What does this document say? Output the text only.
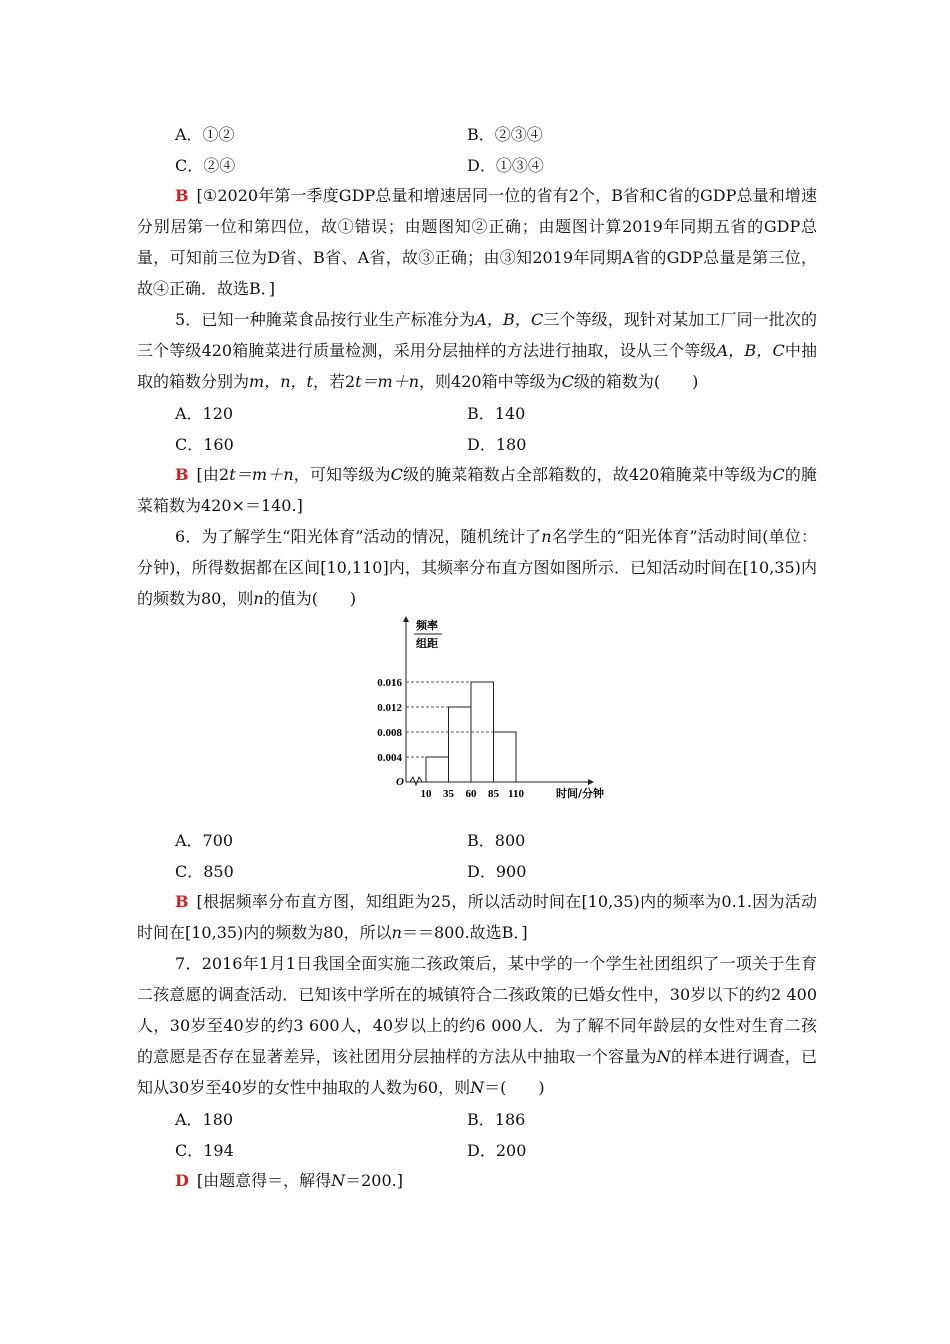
A．①②	B．②③④
C．②④	D．①③④
B [①2020年第一季度GDP总量和增速居同一位的省有2个，B省和C省的GDP总量和增速分别居第一位和第四位，故①错误；由题图知②正确；由题图计算2019年同期五省的GDP总量，可知前三位为D省、B省、A省，故③正确；由③知2019年同期A省的GDP总量是第三位，故④正确．故选B．]
5．已知一种腌菜食品按行业生产标准分为A，B，C三个等级，现针对某加工厂同一批次的三个等级420箱腌菜进行质量检测，采用分层抽样的方法进行抽取，设从三个等级A，B，C中抽取的箱数分别为m，n，t，若2t＝m＋n，则420箱中等级为C级的箱数为(　　)
A．120	B．140
C．160	D．180
B [由2t＝m＋n，可知等级为C级的腌菜箱数占全部箱数的，故420箱腌菜中等级为C的腌菜箱数为420×＝140.]
6．为了解学生“阳光体育”活动的情况，随机统计了n名学生的“阳光体育”活动时间(单位：分钟)，所得数据都在区间[10,110]内，其频率分布直方图如图所示．已知活动时间在[10,35)内的频数为80，则n的值为(　　)
O
频率
组距
0.016
0.012
0.008
0.004
10 35 60 85 110	时间/分钟
A．700	B．800
C．850	D．900
B [根据频率分布直方图，知组距为25，所以活动时间在[10,35)内的频率为0.1.因为活动时间在[10,35)内的频数为80，所以n＝＝800.故选B．]
7．2016年1月1日我国全面实施二孩政策后，某中学的一个学生社团组织了一项关于生育二孩意愿的调查活动．已知该中学所在的城镇符合二孩政策的已婚女性中，30岁以下的约2 400人，30岁至40岁的约3 600人，40岁以上的约6 000人．为了解不同年龄层的女性对生育二孩的意愿是否存在显著差异，该社团用分层抽样的方法从中抽取一个容量为N的样本进行调查，已知从30岁至40岁的女性中抽取的人数为60，则N＝(　　)
A．180	B．186
C．194	D．200
D [由题意得＝，解得N＝200.]
